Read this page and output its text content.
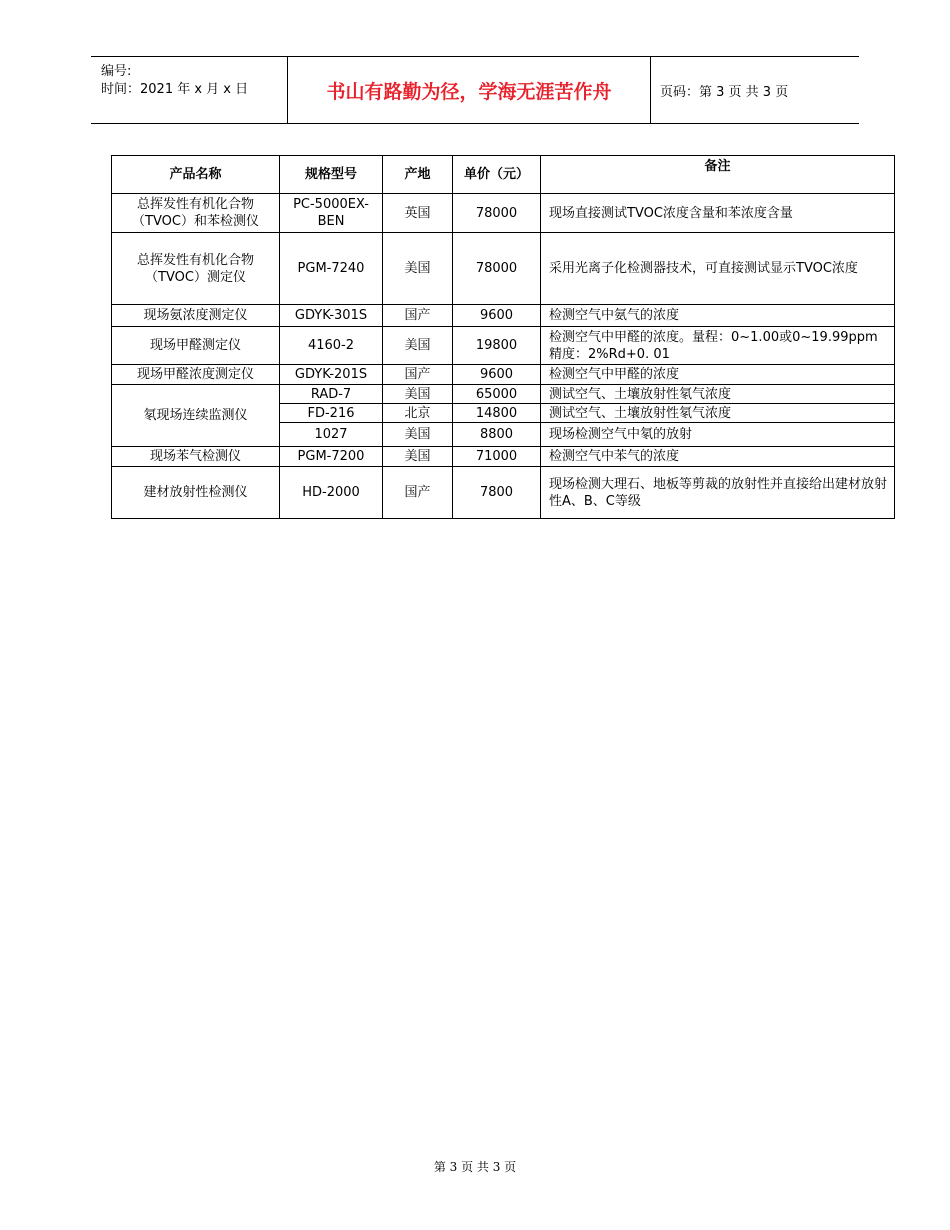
编号:
时间：2021 年 x 月 x 日	书山有路勤为径，学海无涯苦作舟	页码：第 3 页 共 3 页
产品名称	规格型号	产地	单价（元）	备注
总挥发性有机化合物（TVOC）和苯检测仪	PC-5000EX-BEN	英国	78000	现场直接测试TVOC浓度含量和苯浓度含量
总挥发性有机化合物（TVOC）测定仪	PGM-7240	美国	78000	采用光离子化检测器技术，可直接测试显示TVOC浓度
现场氨浓度测定仪	GDYK-301S	国产	9600	检测空气中氨气的浓度
现场甲醛测定仪	4160-2	美国	19800	检测空气中甲醛的浓度。量程：0~1.00或0~19.99ppm 精度：2%Rd+0. 01
现场甲醛浓度测定仪	GDYK-201S	国产	9600	检测空气中甲醛的浓度
氡现场连续监测仪	RAD-7	美国	65000	测试空气、土壤放射性氡气浓度
	FD-216	北京	14800	测试空气、土壤放射性氡气浓度
	1027	美国	8800	现场检测空气中氡的放射
现场苯气检测仪	PGM-7200	美国	71000	检测空气中苯气的浓度
建材放射性检测仪	HD-2000	国产	7800	现场检测大理石、地板等剪裁的放射性并直接给出建材放射性A、B、C等级
第 3 页 共 3 页
